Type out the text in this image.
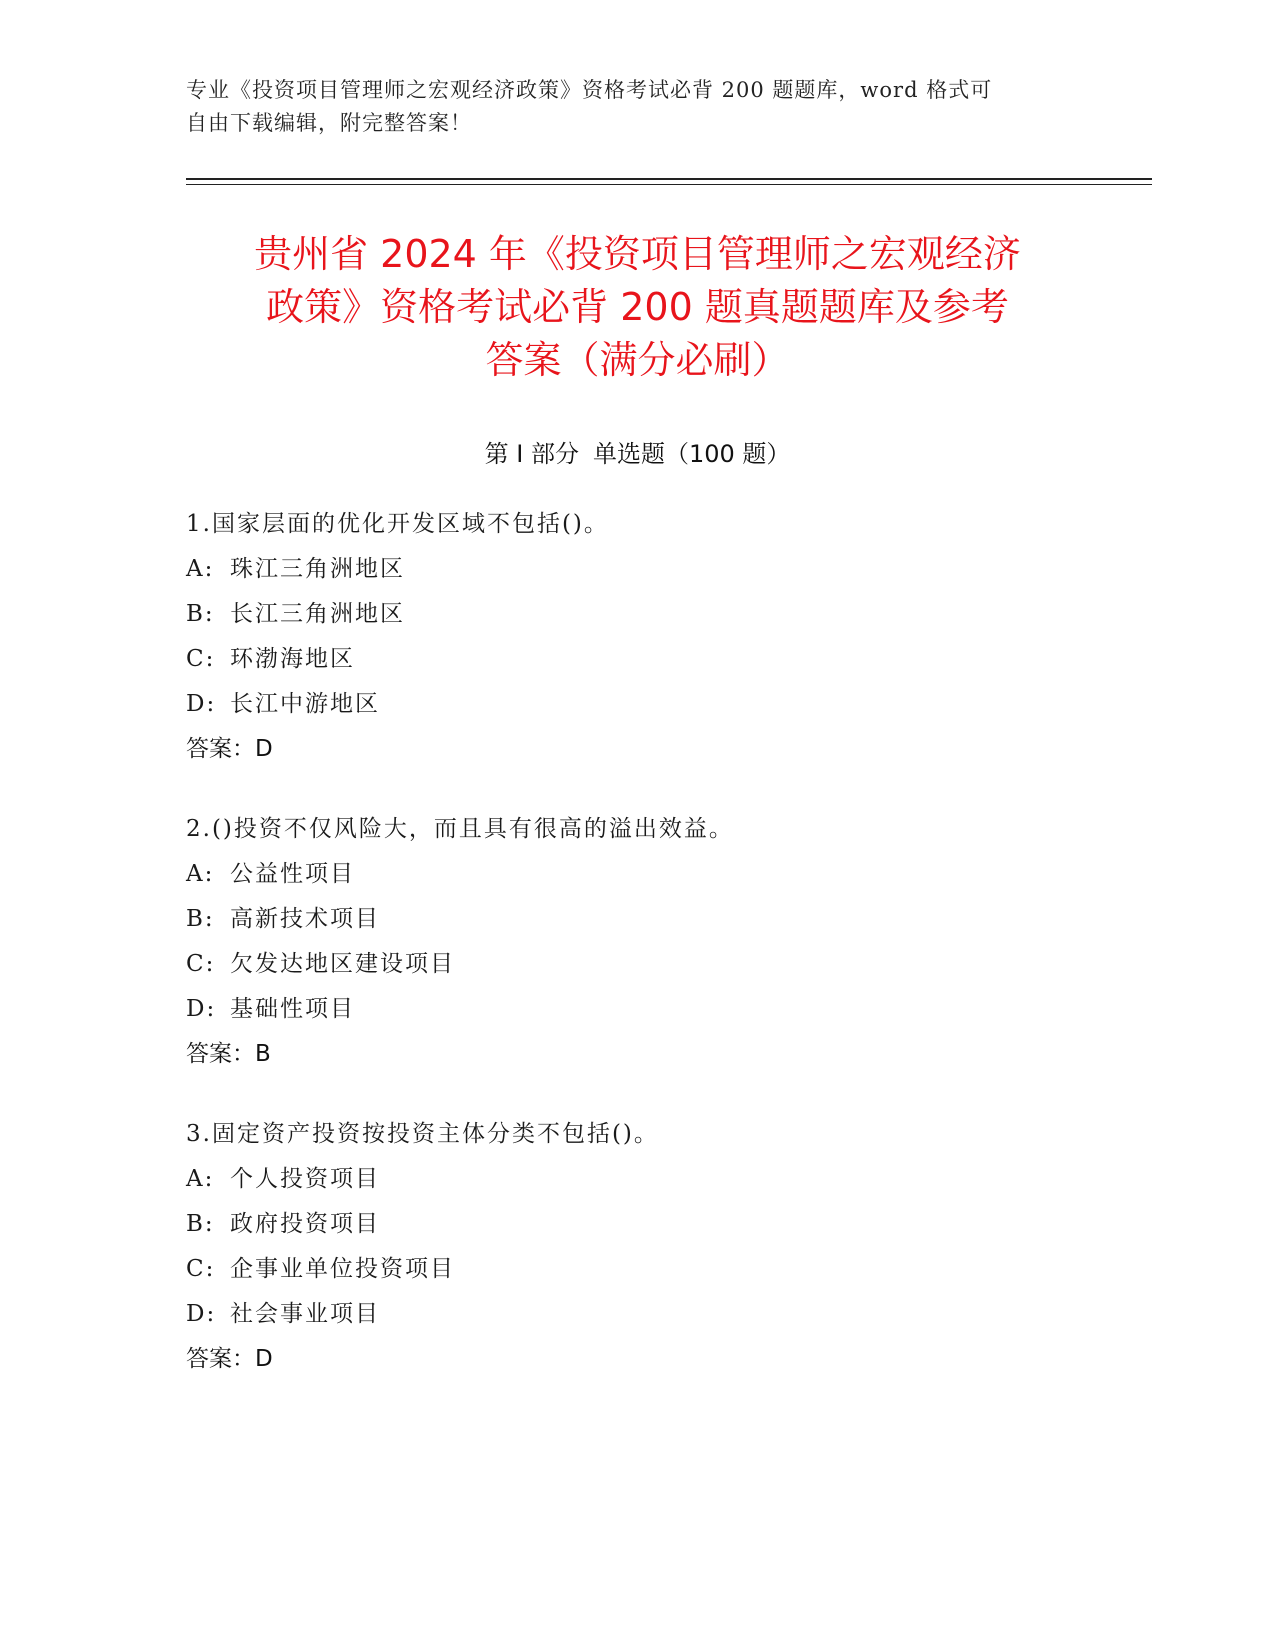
专业《投资项目管理师之宏观经济政策》资格考试必背 200 题题库，word 格式可
自由下载编辑，附完整答案！
贵州省 2024 年《投资项目管理师之宏观经济
政策》资格考试必背 200 题真题题库及参考
答案（满分必刷）
第 I 部分 单选题（100 题）
1.国家层面的优化开发区域不包括()。
A: 珠江三角洲地区
B: 长江三角洲地区
C: 环渤海地区
D: 长江中游地区
答案：D
2.()投资不仅风险大，而且具有很高的溢出效益。
A: 公益性项目
B: 高新技术项目
C: 欠发达地区建设项目
D: 基础性项目
答案：B
3.固定资产投资按投资主体分类不包括()。
A: 个人投资项目
B: 政府投资项目
C: 企事业单位投资项目
D: 社会事业项目
答案：D
